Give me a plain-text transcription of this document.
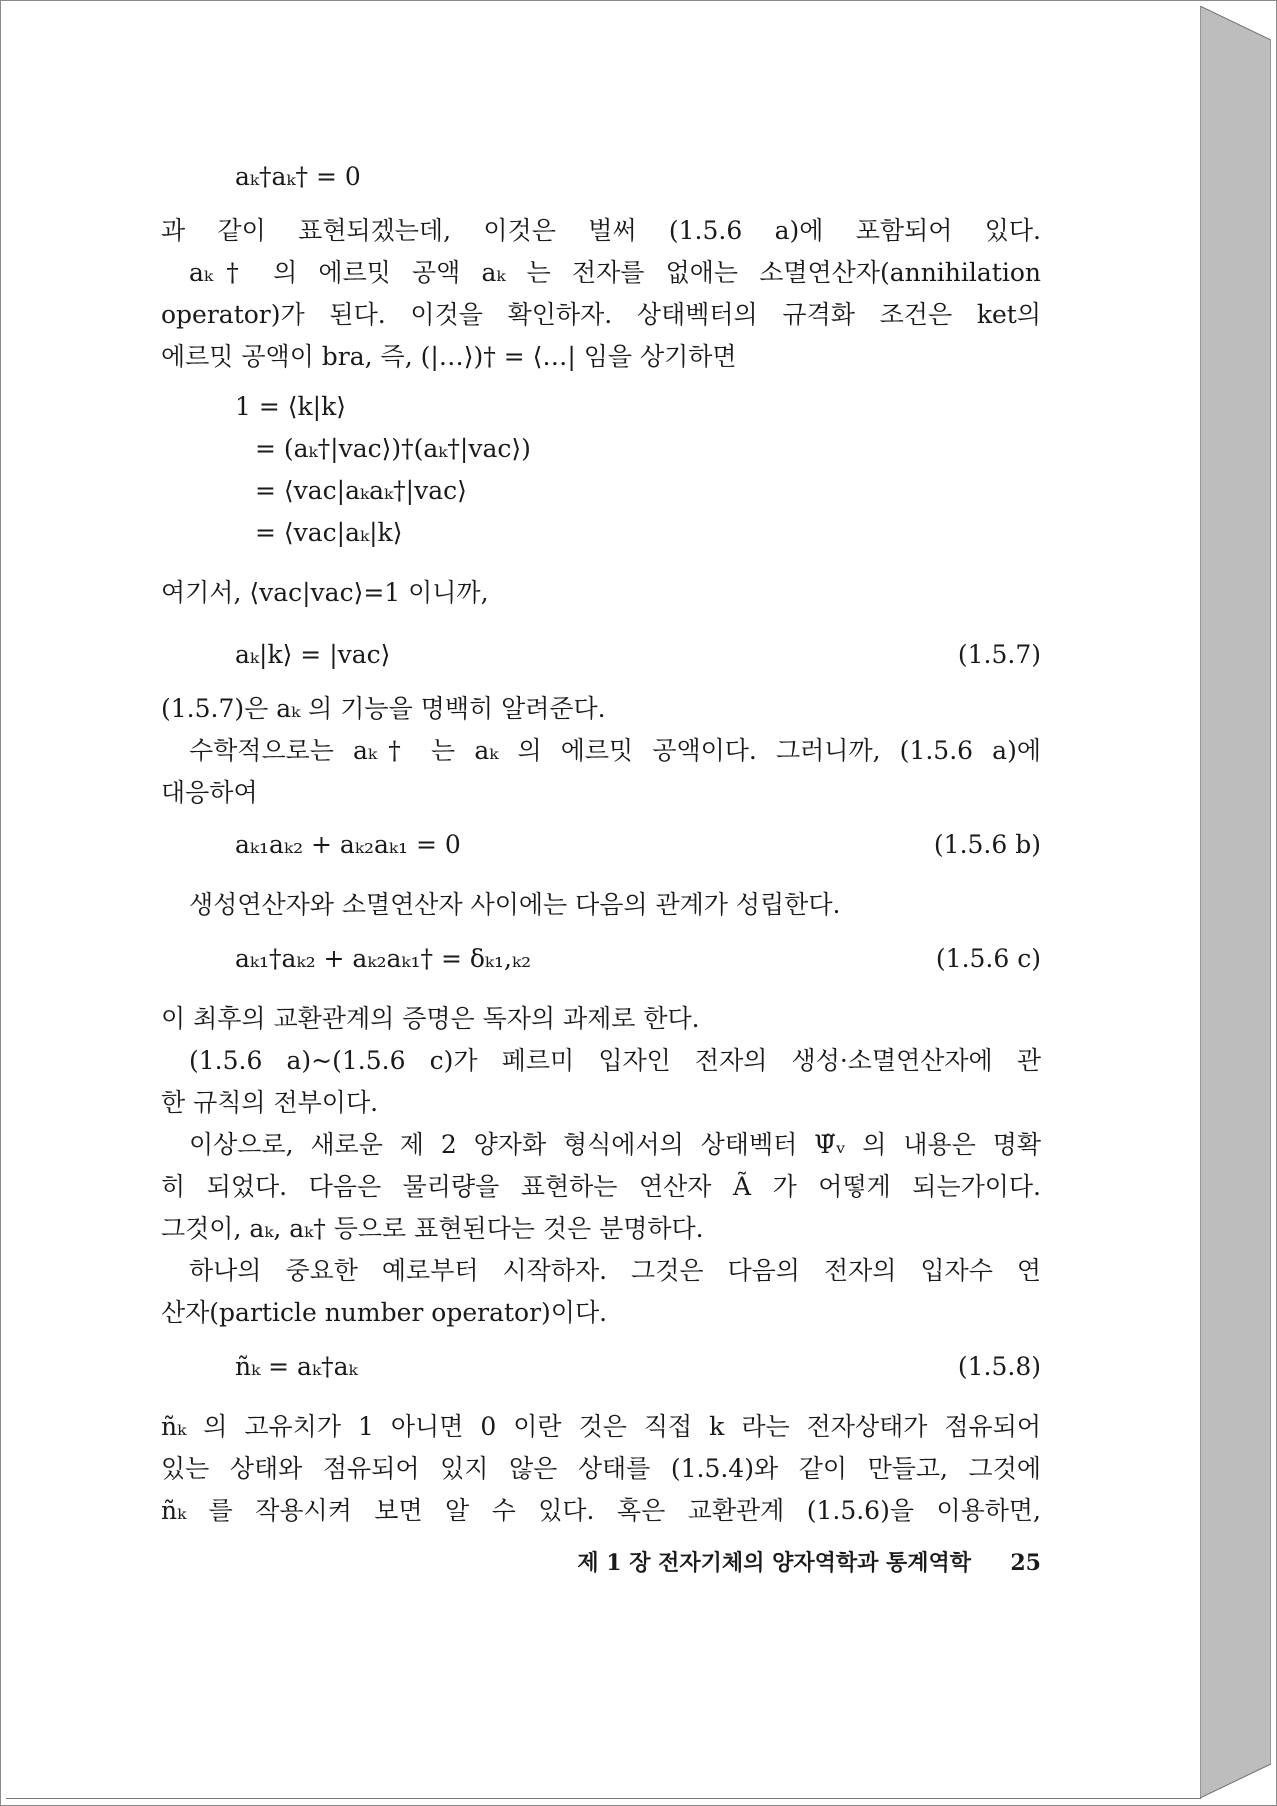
aₖ†aₖ† = 0
과 같이 표현되겠는데, 이것은 벌써 (1.5.6 a)에 포함되어 있다.
aₖ† 의 에르밋 공액 aₖ 는 전자를 없애는 소멸연산자(annihilation
operator)가 된다. 이것을 확인하자. 상태벡터의 규격화 조건은 ket의
에르밋 공액이 bra, 즉, (|…⟩)† = ⟨…| 임을 상기하면
1 = ⟨k|k⟩
= (aₖ†|vac⟩)†(aₖ†|vac⟩)
= ⟨vac|aₖaₖ†|vac⟩
= ⟨vac|aₖ|k⟩
여기서, ⟨vac|vac⟩=1 이니까,
aₖ|k⟩ = |vac⟩	(1.5.7)
(1.5.7)은 aₖ 의 기능을 명백히 알려준다.
수학적으로는 aₖ† 는 aₖ 의 에르밋 공액이다. 그러니까, (1.5.6 a)에
대응하여
aₖ₁aₖ₂ + aₖ₂aₖ₁ = 0	(1.5.6 b)
생성연산자와 소멸연산자 사이에는 다음의 관계가 성립한다.
aₖ₁†aₖ₂ + aₖ₂aₖ₁† = δₖ₁,ₖ₂	(1.5.6 c)
이 최후의 교환관계의 증명은 독자의 과제로 한다.
(1.5.6 a)~(1.5.6 c)가 페르미 입자인 전자의 생성·소멸연산자에 관
한 규칙의 전부이다.
이상으로, 새로운 제 2 양자화 형식에서의 상태벡터 Ψ̃ᵥ 의 내용은 명확
히 되었다. 다음은 물리량을 표현하는 연산자 Ã 가 어떻게 되는가이다.
그것이, aₖ, aₖ† 등으로 표현된다는 것은 분명하다.
하나의 중요한 예로부터 시작하자. 그것은 다음의 전자의 입자수 연
산자(particle number operator)이다.
ñₖ = aₖ†aₖ	(1.5.8)
ñₖ 의 고유치가 1 아니면 0 이란 것은 직접 k 라는 전자상태가 점유되어
있는 상태와 점유되어 있지 않은 상태를 (1.5.4)와 같이 만들고, 그것에
ñₖ 를 작용시켜 보면 알 수 있다. 혹은 교환관계 (1.5.6)을 이용하면,
제 1 장 전자기체의 양자역학과 통계역학 25
